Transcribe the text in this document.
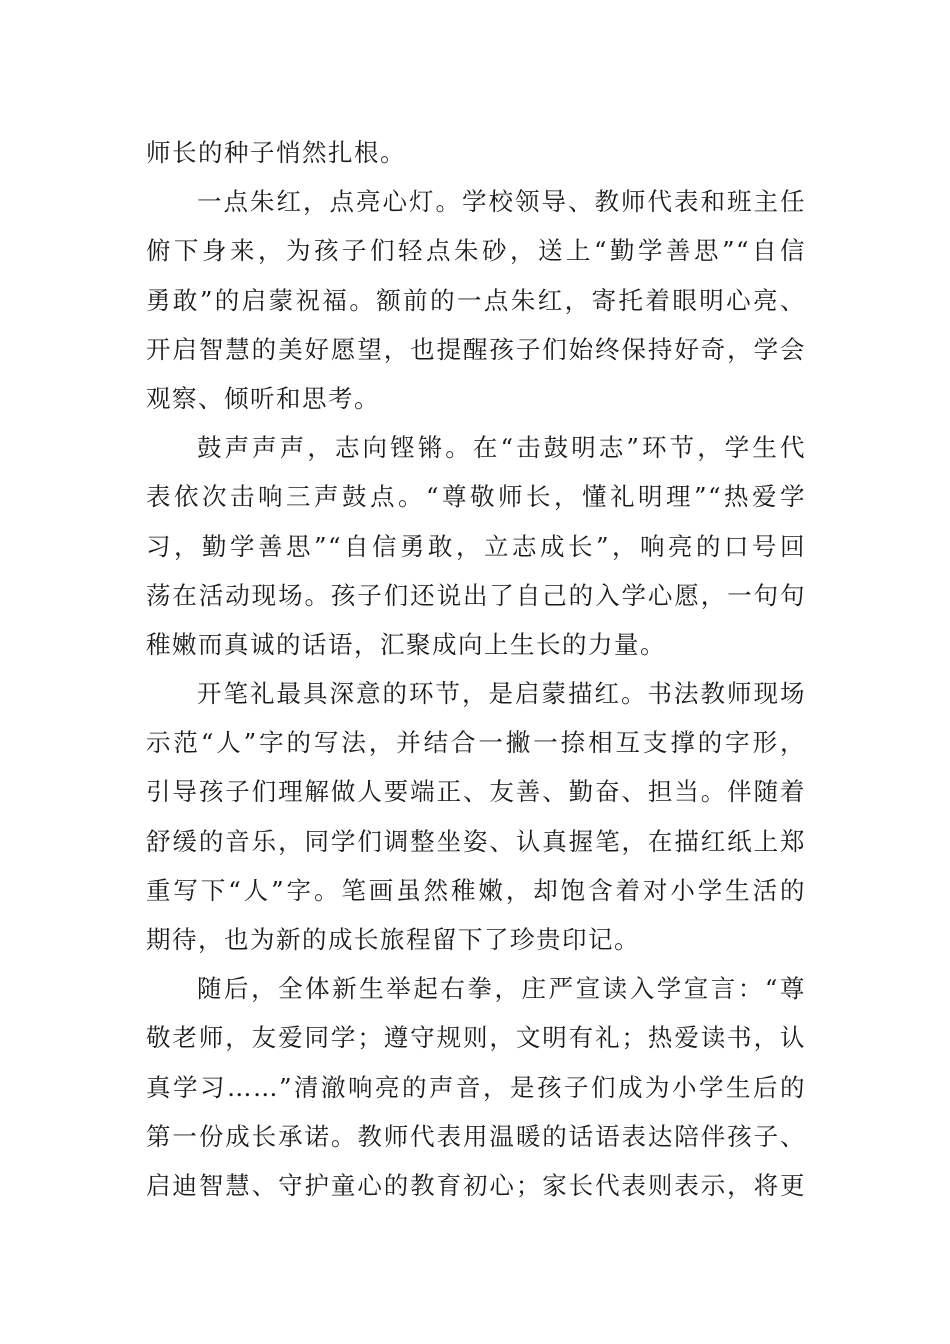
师长的种子悄然扎根。
一点朱红，点亮心灯。学校领导、教师代表和班主任
俯下身来，为孩子们轻点朱砂，送上“勤学善思”“自信
勇敢”的启蒙祝福。额前的一点朱红，寄托着眼明心亮、
开启智慧的美好愿望，也提醒孩子们始终保持好奇，学会
观察、倾听和思考。
鼓声声声，志向铿锵。在“击鼓明志”环节，学生代
表依次击响三声鼓点。“尊敬师长，懂礼明理”“热爱学
习，勤学善思”“自信勇敢，立志成长”，响亮的口号回
荡在活动现场。孩子们还说出了自己的入学心愿，一句句
稚嫩而真诚的话语，汇聚成向上生长的力量。
开笔礼最具深意的环节，是启蒙描红。书法教师现场
示范“人”字的写法，并结合一撇一捺相互支撑的字形，
引导孩子们理解做人要端正、友善、勤奋、担当。伴随着
舒缓的音乐，同学们调整坐姿、认真握笔，在描红纸上郑
重写下“人”字。笔画虽然稚嫩，却饱含着对小学生活的
期待，也为新的成长旅程留下了珍贵印记。
随后，全体新生举起右拳，庄严宣读入学宣言：“尊
敬老师，友爱同学；遵守规则，文明有礼；热爱读书，认
真学习……”清澈响亮的声音，是孩子们成为小学生后的
第一份成长承诺。教师代表用温暖的话语表达陪伴孩子、
启迪智慧、守护童心的教育初心；家长代表则表示，将更
